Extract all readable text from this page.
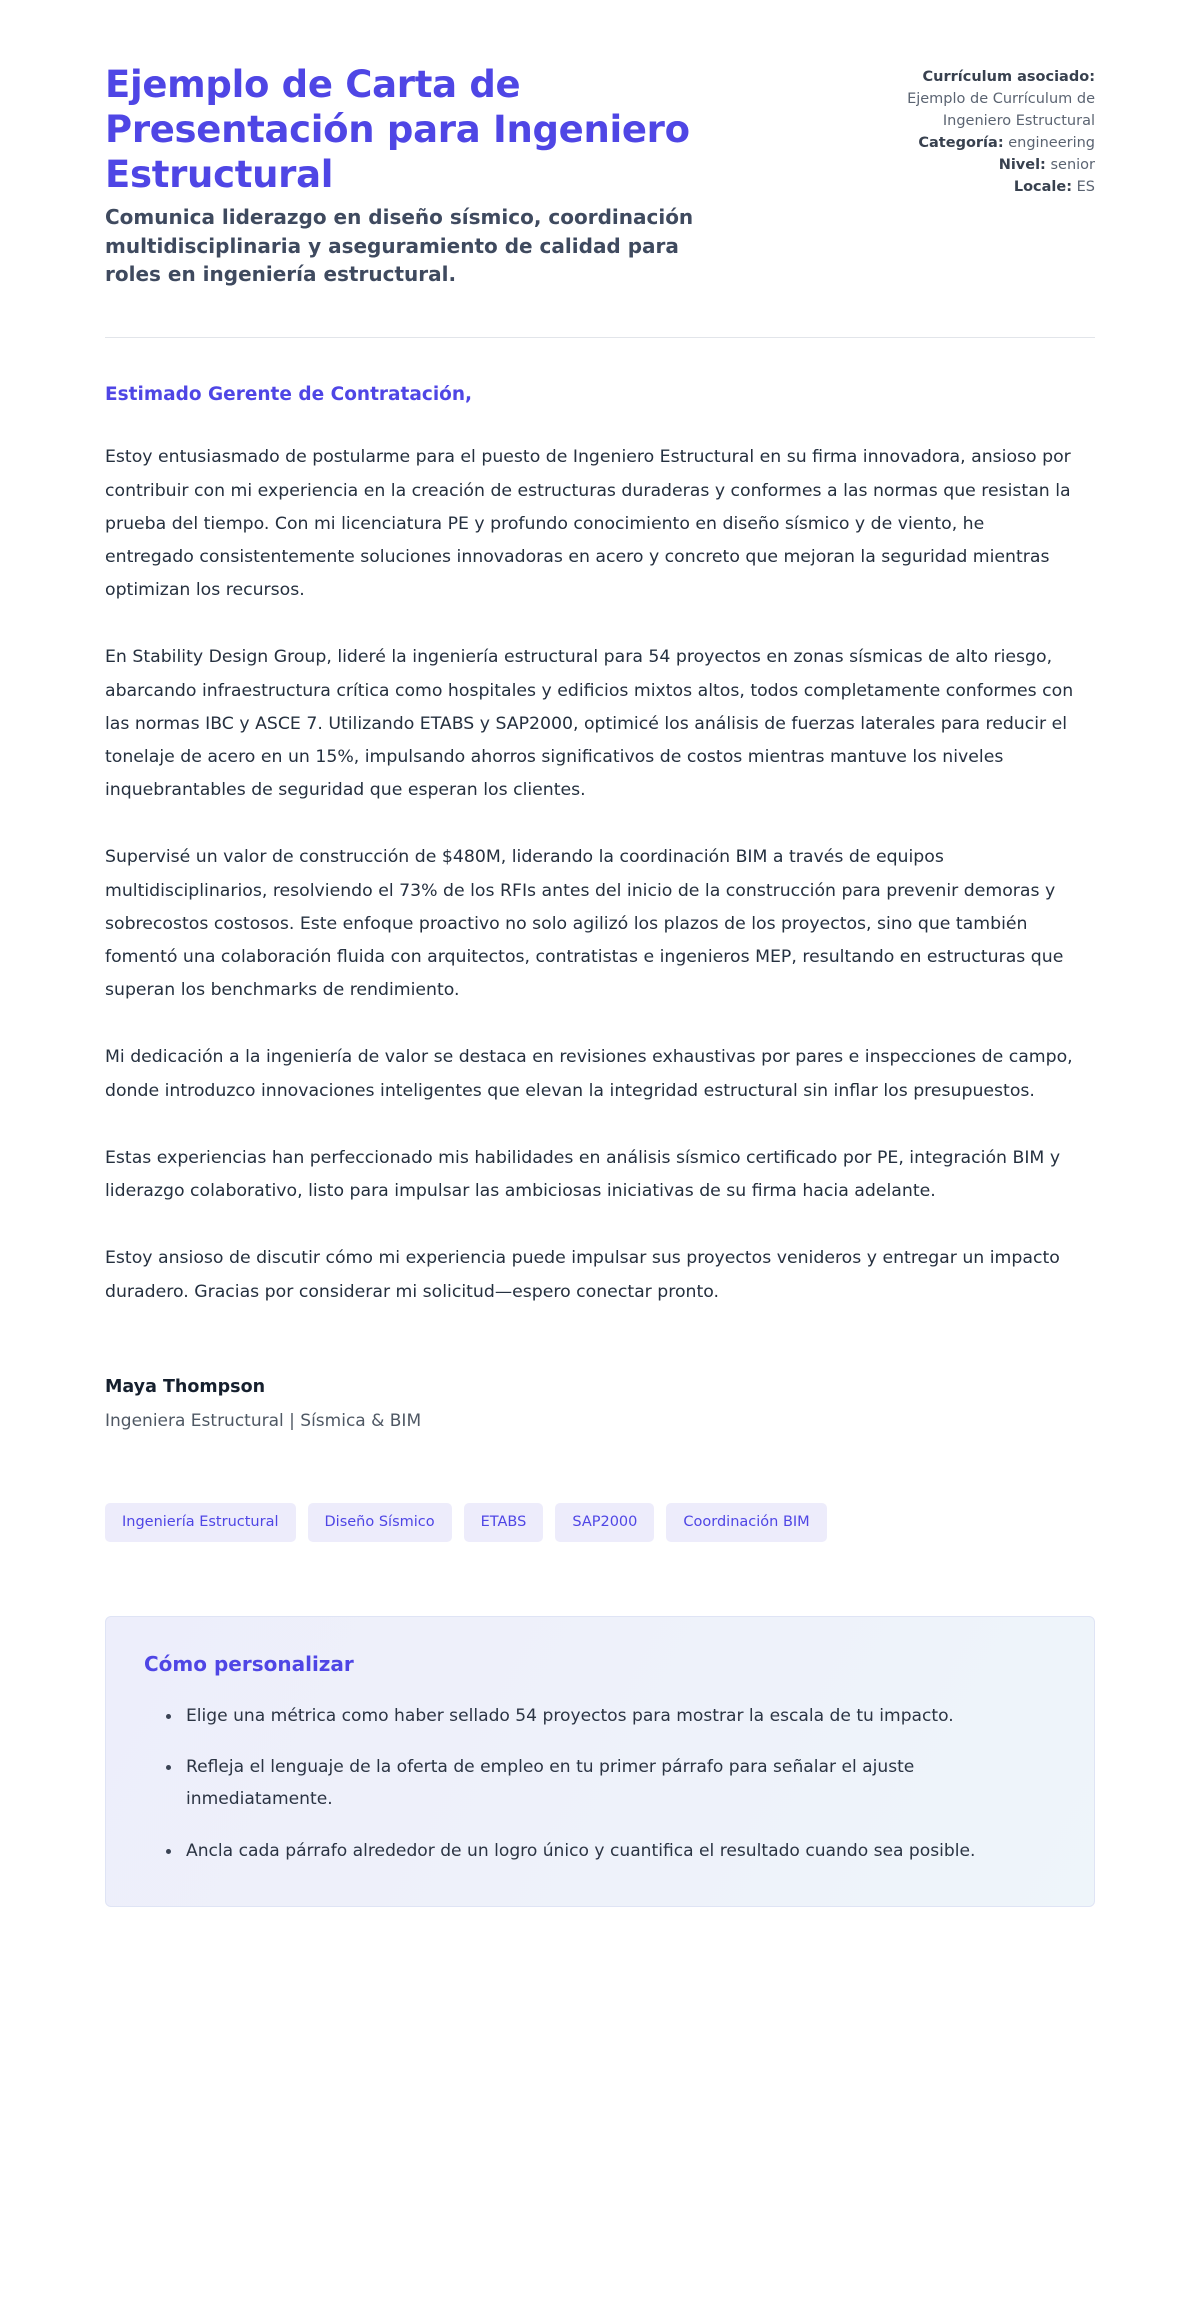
Ejemplo de Carta de Presentación para Ingeniero Estructural

Comunica liderazgo en diseño sísmico, coordinación multidisciplinaria y aseguramiento de calidad para roles en ingeniería estructural.

Currículum asociado:
Ejemplo de Currículum de Ingeniero Estructural
Categoría: engineering
Nivel: senior
Locale: ES

Estimado Gerente de Contratación,

Estoy entusiasmado de postularme para el puesto de Ingeniero Estructural en su firma innovadora, ansioso por contribuir con mi experiencia en la creación de estructuras duraderas y conformes a las normas que resistan la prueba del tiempo. Con mi licenciatura PE y profundo conocimiento en diseño sísmico y de viento, he entregado consistentemente soluciones innovadoras en acero y concreto que mejoran la seguridad mientras optimizan los recursos.

En Stability Design Group, lideré la ingeniería estructural para 54 proyectos en zonas sísmicas de alto riesgo, abarcando infraestructura crítica como hospitales y edificios mixtos altos, todos completamente conformes con las normas IBC y ASCE 7. Utilizando ETABS y SAP2000, optimicé los análisis de fuerzas laterales para reducir el tonelaje de acero en un 15%, impulsando ahorros significativos de costos mientras mantuve los niveles inquebrantables de seguridad que esperan los clientes.

Supervisé un valor de construcción de $480M, liderando la coordinación BIM a través de equipos multidisciplinarios, resolviendo el 73% de los RFIs antes del inicio de la construcción para prevenir demoras y sobrecostos costosos. Este enfoque proactivo no solo agilizó los plazos de los proyectos, sino que también fomentó una colaboración fluida con arquitectos, contratistas e ingenieros MEP, resultando en estructuras que superan los benchmarks de rendimiento.

Mi dedicación a la ingeniería de valor se destaca en revisiones exhaustivas por pares e inspecciones de campo, donde introduzco innovaciones inteligentes que elevan la integridad estructural sin inflar los presupuestos.

Estas experiencias han perfeccionado mis habilidades en análisis sísmico certificado por PE, integración BIM y liderazgo colaborativo, listo para impulsar las ambiciosas iniciativas de su firma hacia adelante.

Estoy ansioso de discutir cómo mi experiencia puede impulsar sus proyectos venideros y entregar un impacto duradero. Gracias por considerar mi solicitud—espero conectar pronto.

Maya Thompson

Ingeniera Estructural | Sísmica & BIM

Ingeniería Estructural	Diseño Sísmico	ETABS	SAP2000	Coordinación BIM
Cómo personalizar
Elige una métrica como haber sellado 54 proyectos para mostrar la escala de tu impacto.
Refleja el lenguaje de la oferta de empleo en tu primer párrafo para señalar el ajuste inmediatamente.
Ancla cada párrafo alrededor de un logro único y cuantifica el resultado cuando sea posible.
